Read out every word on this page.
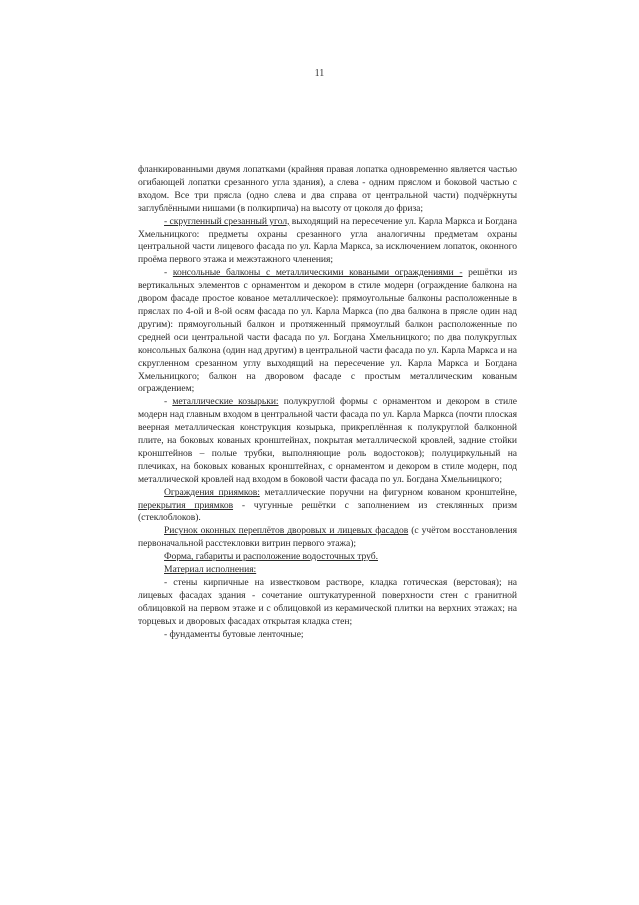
11

фланкированными двумя лопатками (крайняя правая лопатка одновременно является частью огибающей лопатки срезанного угла здания), а слева - одним пряслом и боковой частью с входом. Все три прясла (одно слева и два справа от центральной части) подчёркнуты заглублёнными нишами (в полкирпича) на высоту от цоколя до фриза;

- скругленный срезанный угол, выходящий на пересечение ул. Карла Маркса и Богдана Хмельницкого: предметы охраны срезанного угла аналогичны предметам охраны центральной части лицевого фасада по ул. Карла Маркса, за исключением лопаток, оконного проёма первого этажа и межэтажного членения;

- консольные балконы с металлическими коваными ограждениями - решётки из вертикальных элементов с орнаментом и декором в стиле модерн (ограждение балкона на двором фасаде простое кованое металлическое): прямоугольные балконы расположенные в пряслах по 4-ой и 8-ой осям фасада по ул. Карла Маркса (по два балкона в прясле один над другим): прямоугольный балкон и протяженный прямоуглый балкон расположенные по средней оси центральной части фасада по ул. Богдана Хмельницкого; по два полукруглых консольных балкона (один над другим) в центральной части фасада по ул. Карла Маркса и на скругленном срезанном углу выходящий на пересечение ул. Карла Маркса и Богдана Хмельницкого; балкон на дворовом фасаде с простым металлическим кованым ограждением;

- металлические козырьки: полукруглой формы с орнаментом и декором в стиле модерн над главным входом в центральной части фасада по ул. Карла Маркса (почти плоская веерная металлическая конструкция козырька, прикреплённая к полукруглой балконной плите, на боковых кованых кронштейнах, покрытая металлической кровлей, задние стойки кронштейнов – полые трубки, выполняющие роль водостоков); полуциркульный на плечиках, на боковых кованых кронштейнах, с орнаментом и декором в стиле модерн, под металлической кровлей над входом в боковой части фасада по ул. Богдана Хмельницкого;

Ограждения приямков: металлические поручни на фигурном кованом кронштейне, перекрытия приямков - чугунные решётки с заполнением из стеклянных призм (стеклоблоков).

Рисунок оконных переплётов дворовых и лицевых фасадов (с учётом восстановления первоначальной расстекловки витрин первого этажа);

Форма, габариты и расположение водосточных труб.

Материал исполнения:

- стены кирпичные на известковом растворе, кладка готическая (верстовая); на лицевых фасадах здания - сочетание оштукатуренной поверхности стен с гранитной облицовкой на первом этаже и с облицовкой из керамической плитки на верхних этажах; на торцевых и дворовых фасадах открытая кладка стен;

- фундаменты бутовые ленточные;
